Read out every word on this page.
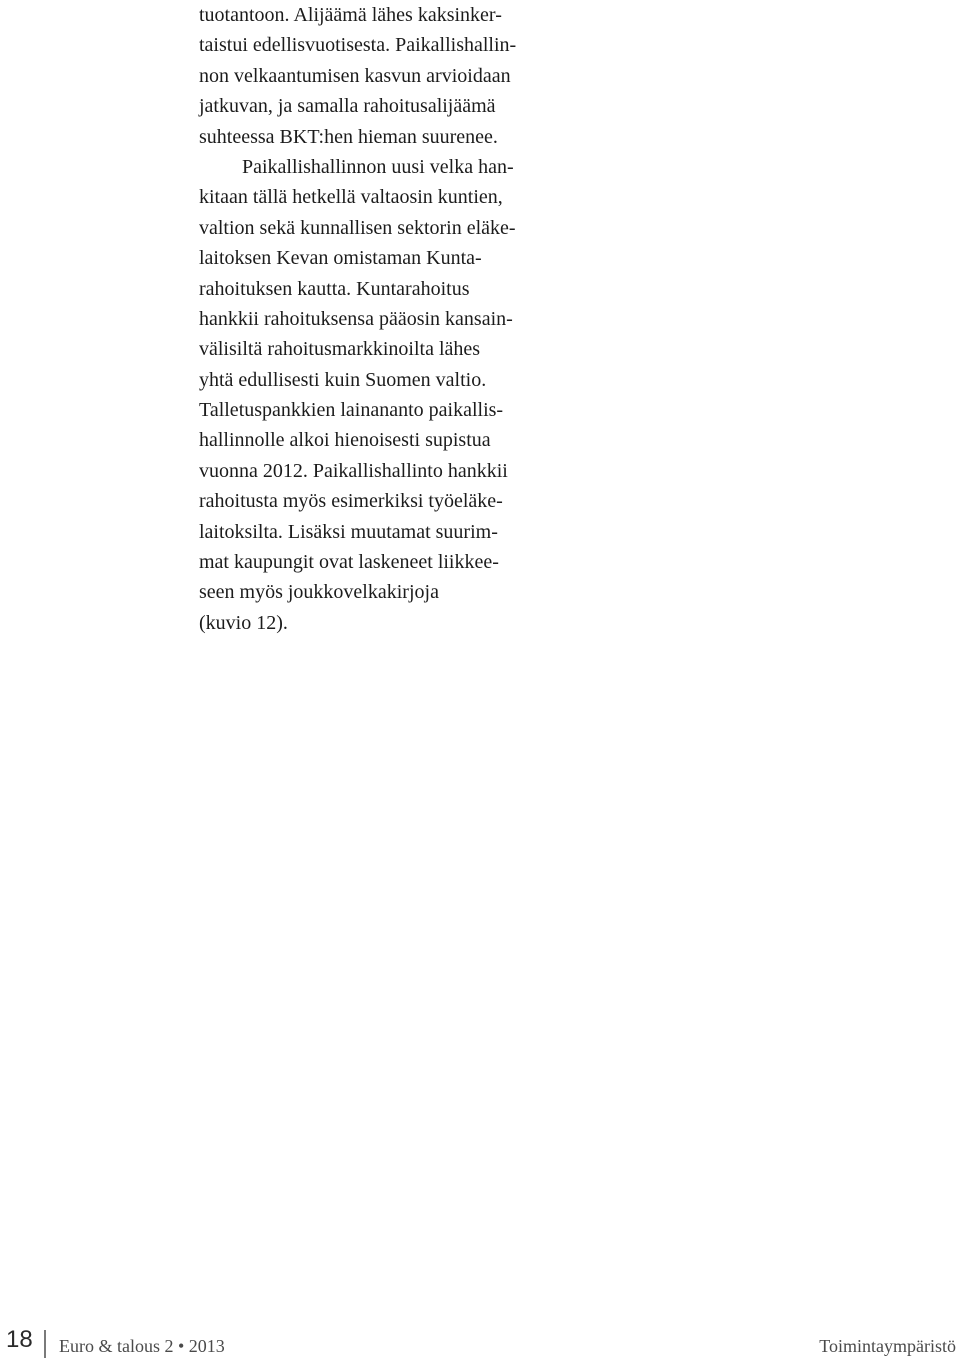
tuotantoon. Alijäämä lähes kaksinker-
taistui edellisvuotisesta. Paikallishallin-
non velkaantumisen kasvun arvioidaan
jatkuvan, ja samalla rahoitusalijäämä
suhteessa BKT:hen hieman suurenee.
Paikallishallinnon uusi velka han-
kitaan tällä hetkellä valtaosin kuntien,
valtion sekä kunnallisen sektorin eläke-
laitoksen Kevan omistaman Kunta-
rahoituksen kautta. Kuntarahoitus
hankkii rahoituksensa pääosin kansain-
välisiltä rahoitusmarkkinoilta lähes
yhtä edullisesti kuin Suomen valtio.
Talletuspankkien lainananto paikallis-
hallinnolle alkoi hienoisesti supistua
vuonna 2012. Paikallishallinto hankkii
rahoitusta myös esimerkiksi työeläke-
laitoksilta. Lisäksi muutamat suurim-
mat kaupungit ovat laskeneet liikkee-
seen myös joukkovelkakirjoja
(kuvio 12).
18 Euro & talous 2 • 2013	Toimintaympäristö
